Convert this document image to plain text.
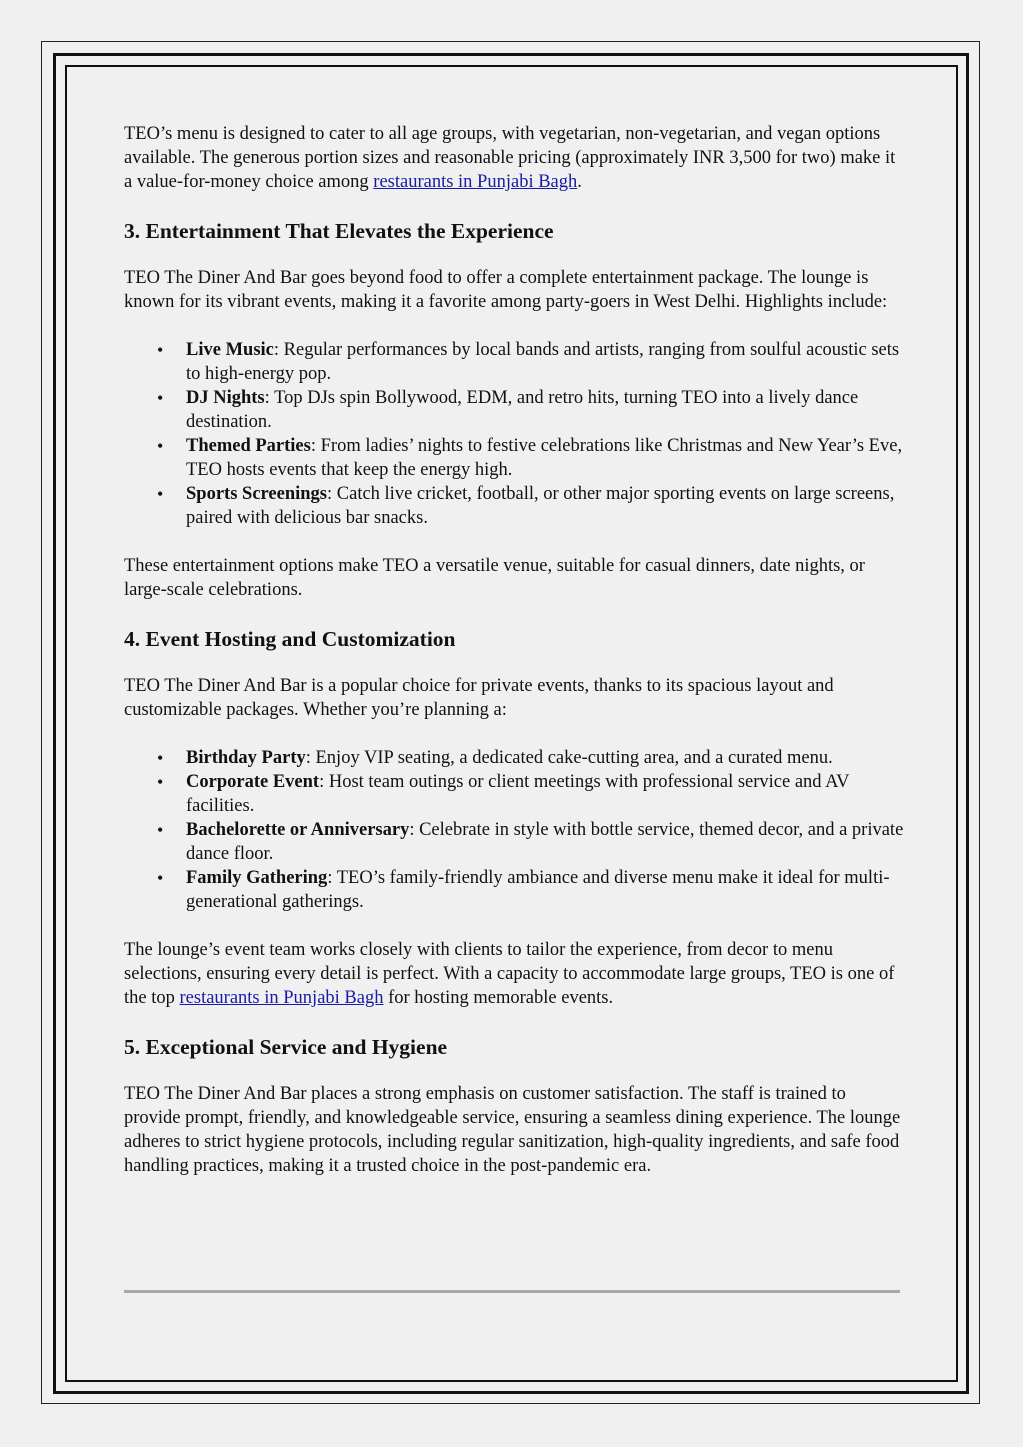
TEO’s menu is designed to cater to all age groups, with vegetarian, non-vegetarian, and vegan options available. The generous portion sizes and reasonable pricing (approximately INR 3,500 for two) make it a value-for-money choice among restaurants in Punjabi Bagh.

3. Entertainment That Elevates the Experience

TEO The Diner And Bar goes beyond food to offer a complete entertainment package. The lounge is known for its vibrant events, making it a favorite among party-goers in West Delhi. Highlights include:

• Live Music: Regular performances by local bands and artists, ranging from soulful acoustic sets to high-energy pop.
• DJ Nights: Top DJs spin Bollywood, EDM, and retro hits, turning TEO into a lively dance destination.
• Themed Parties: From ladies’ nights to festive celebrations like Christmas and New Year’s Eve, TEO hosts events that keep the energy high.
• Sports Screenings: Catch live cricket, football, or other major sporting events on large screens, paired with delicious bar snacks.

These entertainment options make TEO a versatile venue, suitable for casual dinners, date nights, or large-scale celebrations.

4. Event Hosting and Customization

TEO The Diner And Bar is a popular choice for private events, thanks to its spacious layout and customizable packages. Whether you’re planning a:

• Birthday Party: Enjoy VIP seating, a dedicated cake-cutting area, and a curated menu.
• Corporate Event: Host team outings or client meetings with professional service and AV facilities.
• Bachelorette or Anniversary: Celebrate in style with bottle service, themed decor, and a private dance floor.
• Family Gathering: TEO’s family-friendly ambiance and diverse menu make it ideal for multi-generational gatherings.

The lounge’s event team works closely with clients to tailor the experience, from decor to menu selections, ensuring every detail is perfect. With a capacity to accommodate large groups, TEO is one of the top restaurants in Punjabi Bagh for hosting memorable events.

5. Exceptional Service and Hygiene

TEO The Diner And Bar places a strong emphasis on customer satisfaction. The staff is trained to provide prompt, friendly, and knowledgeable service, ensuring a seamless dining experience. The lounge adheres to strict hygiene protocols, including regular sanitization, high-quality ingredients, and safe food handling practices, making it a trusted choice in the post-pandemic era.
